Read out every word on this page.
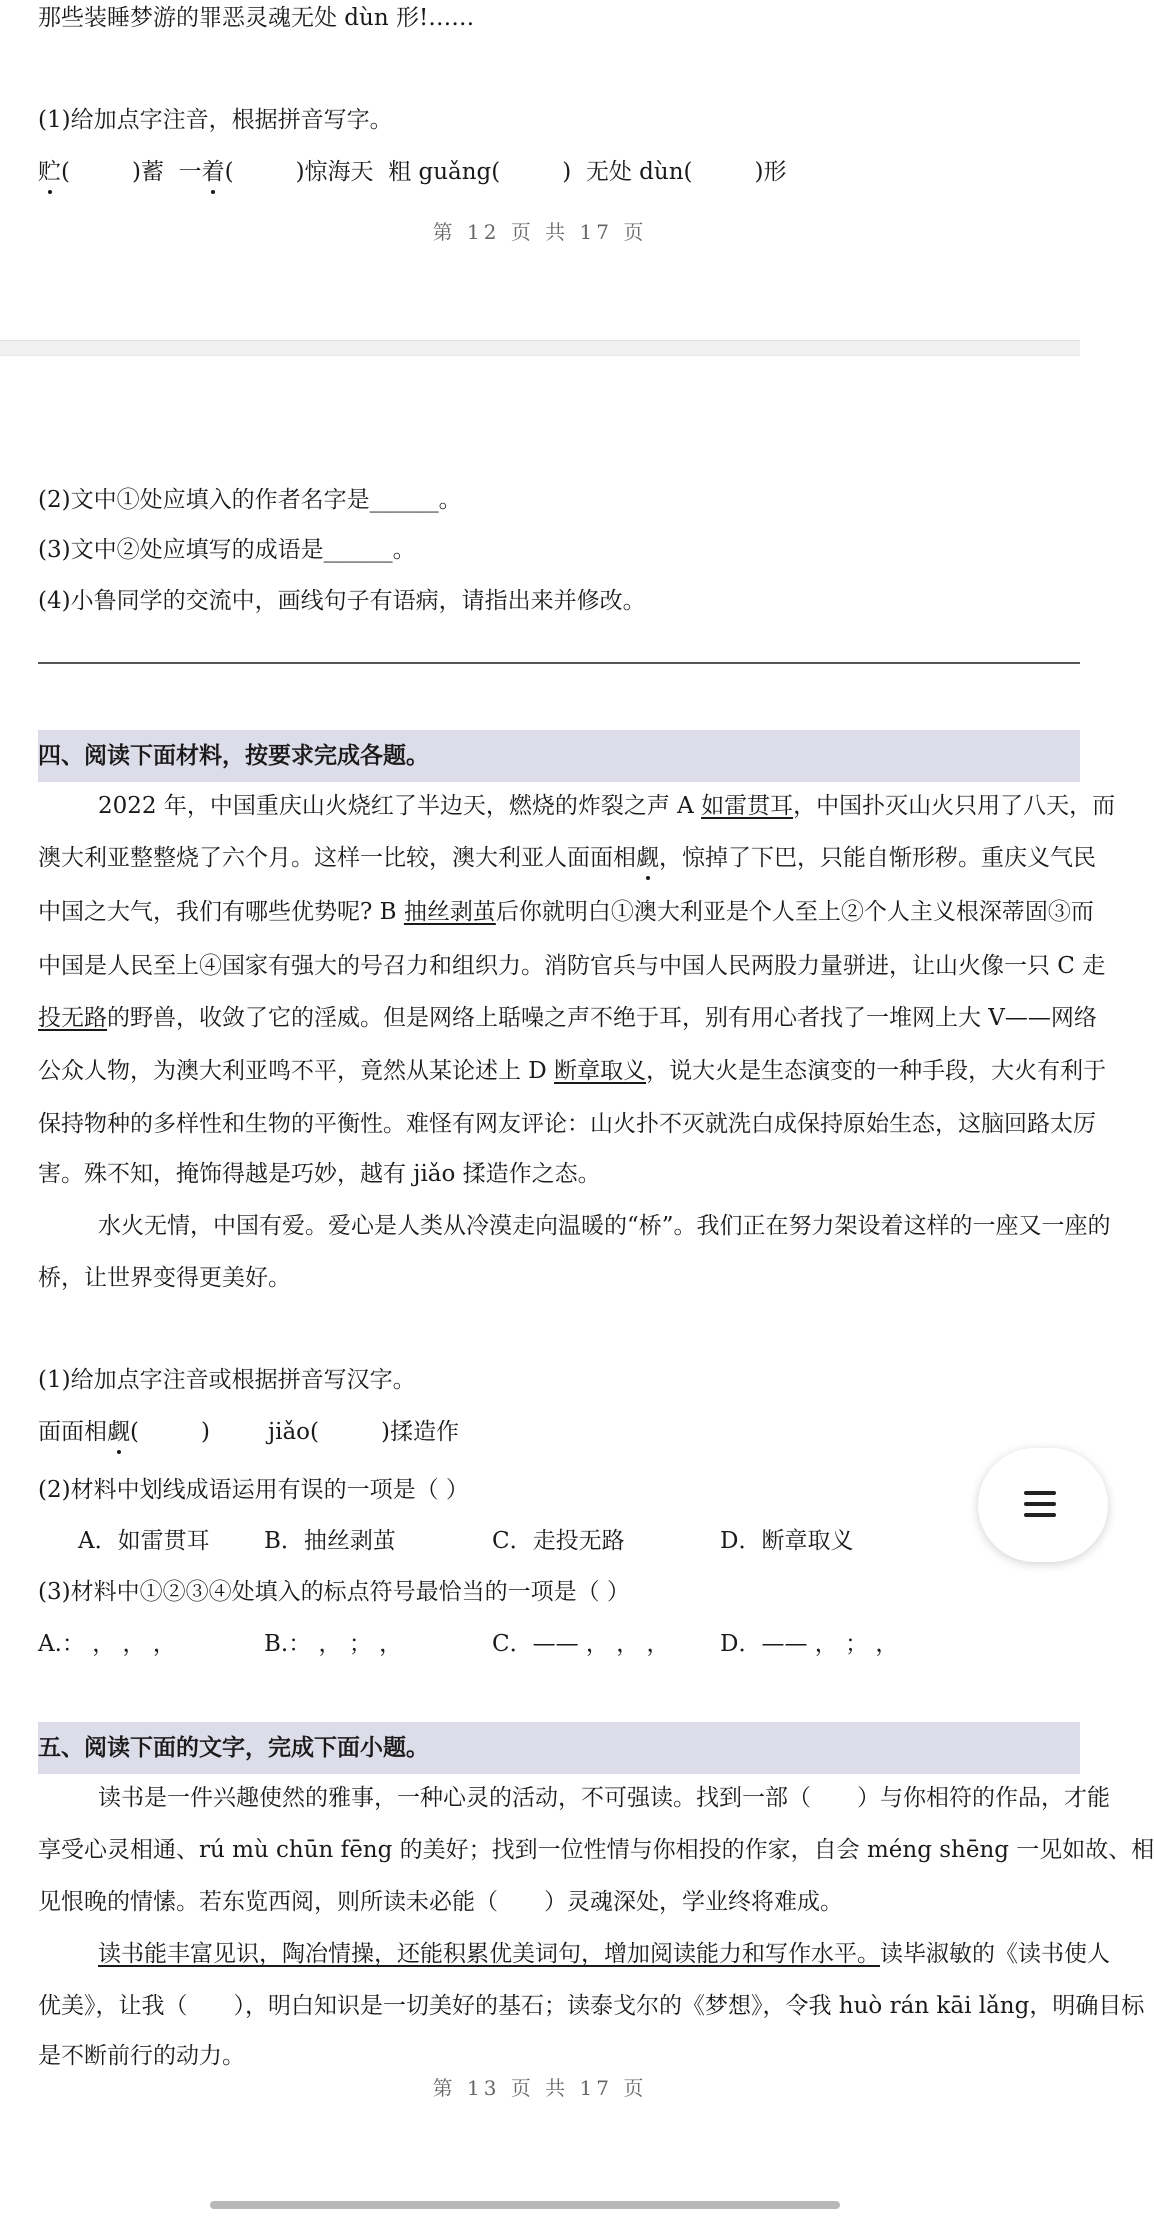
那些装睡梦游的罪恶灵魂无处 dùn 形!……
(1)给加点字注音，根据拼音写字。
贮(	)蓄 一着(	)惊海天 粗 guǎng(	) 无处 dùn(	)形
第 12 页 共 17 页
(2)文中①处应填入的作者名字是______。
(3)文中②处应填写的成语是______。
(4)小鲁同学的交流中，画线句子有语病，请指出来并修改。
四、阅读下面材料，按要求完成各题。
2022 年，中国重庆山火烧红了半边天，燃烧的炸裂之声 A 如雷贯耳，中国扑灭山火只用了八天，而
澳大利亚整整烧了六个月。这样一比较，澳大利亚人面面相觑，惊掉了下巴，只能自惭形秽。重庆义气民
中国之大气，我们有哪些优势呢? B 抽丝剥茧后你就明白①澳大利亚是个人至上②个人主义根深蒂固③而
中国是人民至上④国家有强大的号召力和组织力。消防官兵与中国人民两股力量骈进，让山火像一只 C 走
投无路的野兽，收敛了它的淫威。但是网络上聒噪之声不绝于耳，别有用心者找了一堆网上大 V——网络
公众人物，为澳大利亚鸣不平，竟然从某论述上 D 断章取义，说大火是生态演变的一种手段，大火有利于
保持物种的多样性和生物的平衡性。难怪有网友评论：山火扑不灭就洗白成保持原始生态，这脑回路太厉
害。殊不知，掩饰得越是巧妙，越有 jiǎo 揉造作之态。
水火无情，中国有爱。爱心是人类从冷漠走向温暖的“桥”。我们正在努力架设着这样的一座又一座的
桥，让世界变得更美好。
(1)给加点字注音或根据拼音写汉字。
面面相觑(	)	jiǎo(	)揉造作
(2)材料中划线成语运用有误的一项是（ ）
A．如雷贯耳 B．抽丝剥茧	C．走投无路	D．断章取义
(3)材料中①②③④处填入的标点符号最恰当的一项是（ ）
A.： ， ， ，	B.： ， ； ，	C．—— ， ， ， D．—— ， ； ，
五、阅读下面的文字，完成下面小题。
读书是一件兴趣使然的雅事，一种心灵的活动，不可强读。找到一部（　　）与你相符的作品，才能
享受心灵相通、rú mù chūn fēng 的美好；找到一位性情与你相投的作家，自会 méng shēng 一见如故、相
见恨晚的情愫。若东览西阅，则所读未必能（　　）灵魂深处，学业终将难成。
读书能丰富见识，陶冶情操，还能积累优美词句，增加阅读能力和写作水平。读毕淑敏的《读书使人
优美》，让我（　　），明白知识是一切美好的基石；读泰戈尔的《梦想》，令我 huò rán kāi lǎng，明确目标
是不断前行的动力。
第 13 页 共 17 页
